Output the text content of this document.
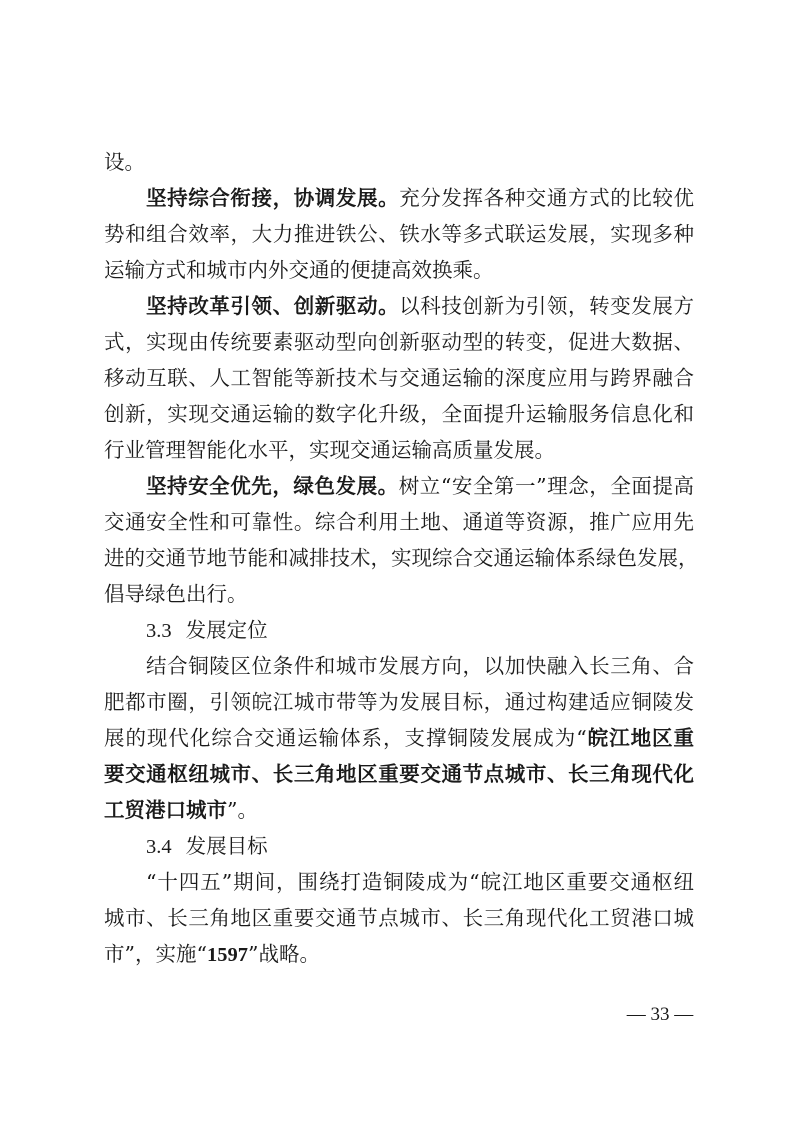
设。
坚持综合衔接，协调发展。充分发挥各种交通方式的比较优
势和组合效率，大力推进铁公、铁水等多式联运发展，实现多种
运输方式和城市内外交通的便捷高效换乘。
坚持改革引领、创新驱动。以科技创新为引领，转变发展方
式，实现由传统要素驱动型向创新驱动型的转变，促进大数据、
移动互联、人工智能等新技术与交通运输的深度应用与跨界融合
创新，实现交通运输的数字化升级，全面提升运输服务信息化和
行业管理智能化水平，实现交通运输高质量发展。
坚持安全优先，绿色发展。树立“安全第一”理念，全面提高
交通安全性和可靠性。综合利用土地、通道等资源，推广应用先
进的交通节地节能和减排技术，实现综合交通运输体系绿色发展，
倡导绿色出行。
3.3 发展定位
结合铜陵区位条件和城市发展方向，以加快融入长三角、合
肥都市圈，引领皖江城市带等为发展目标，通过构建适应铜陵发
展的现代化综合交通运输体系，支撑铜陵发展成为“皖江地区重
要交通枢纽城市、长三角地区重要交通节点城市、长三角现代化
工贸港口城市”。
3.4 发展目标
“十四五”期间，围绕打造铜陵成为“皖江地区重要交通枢纽
城市、长三角地区重要交通节点城市、长三角现代化工贸港口城
市”，实施“1597”战略。
— 33 —
